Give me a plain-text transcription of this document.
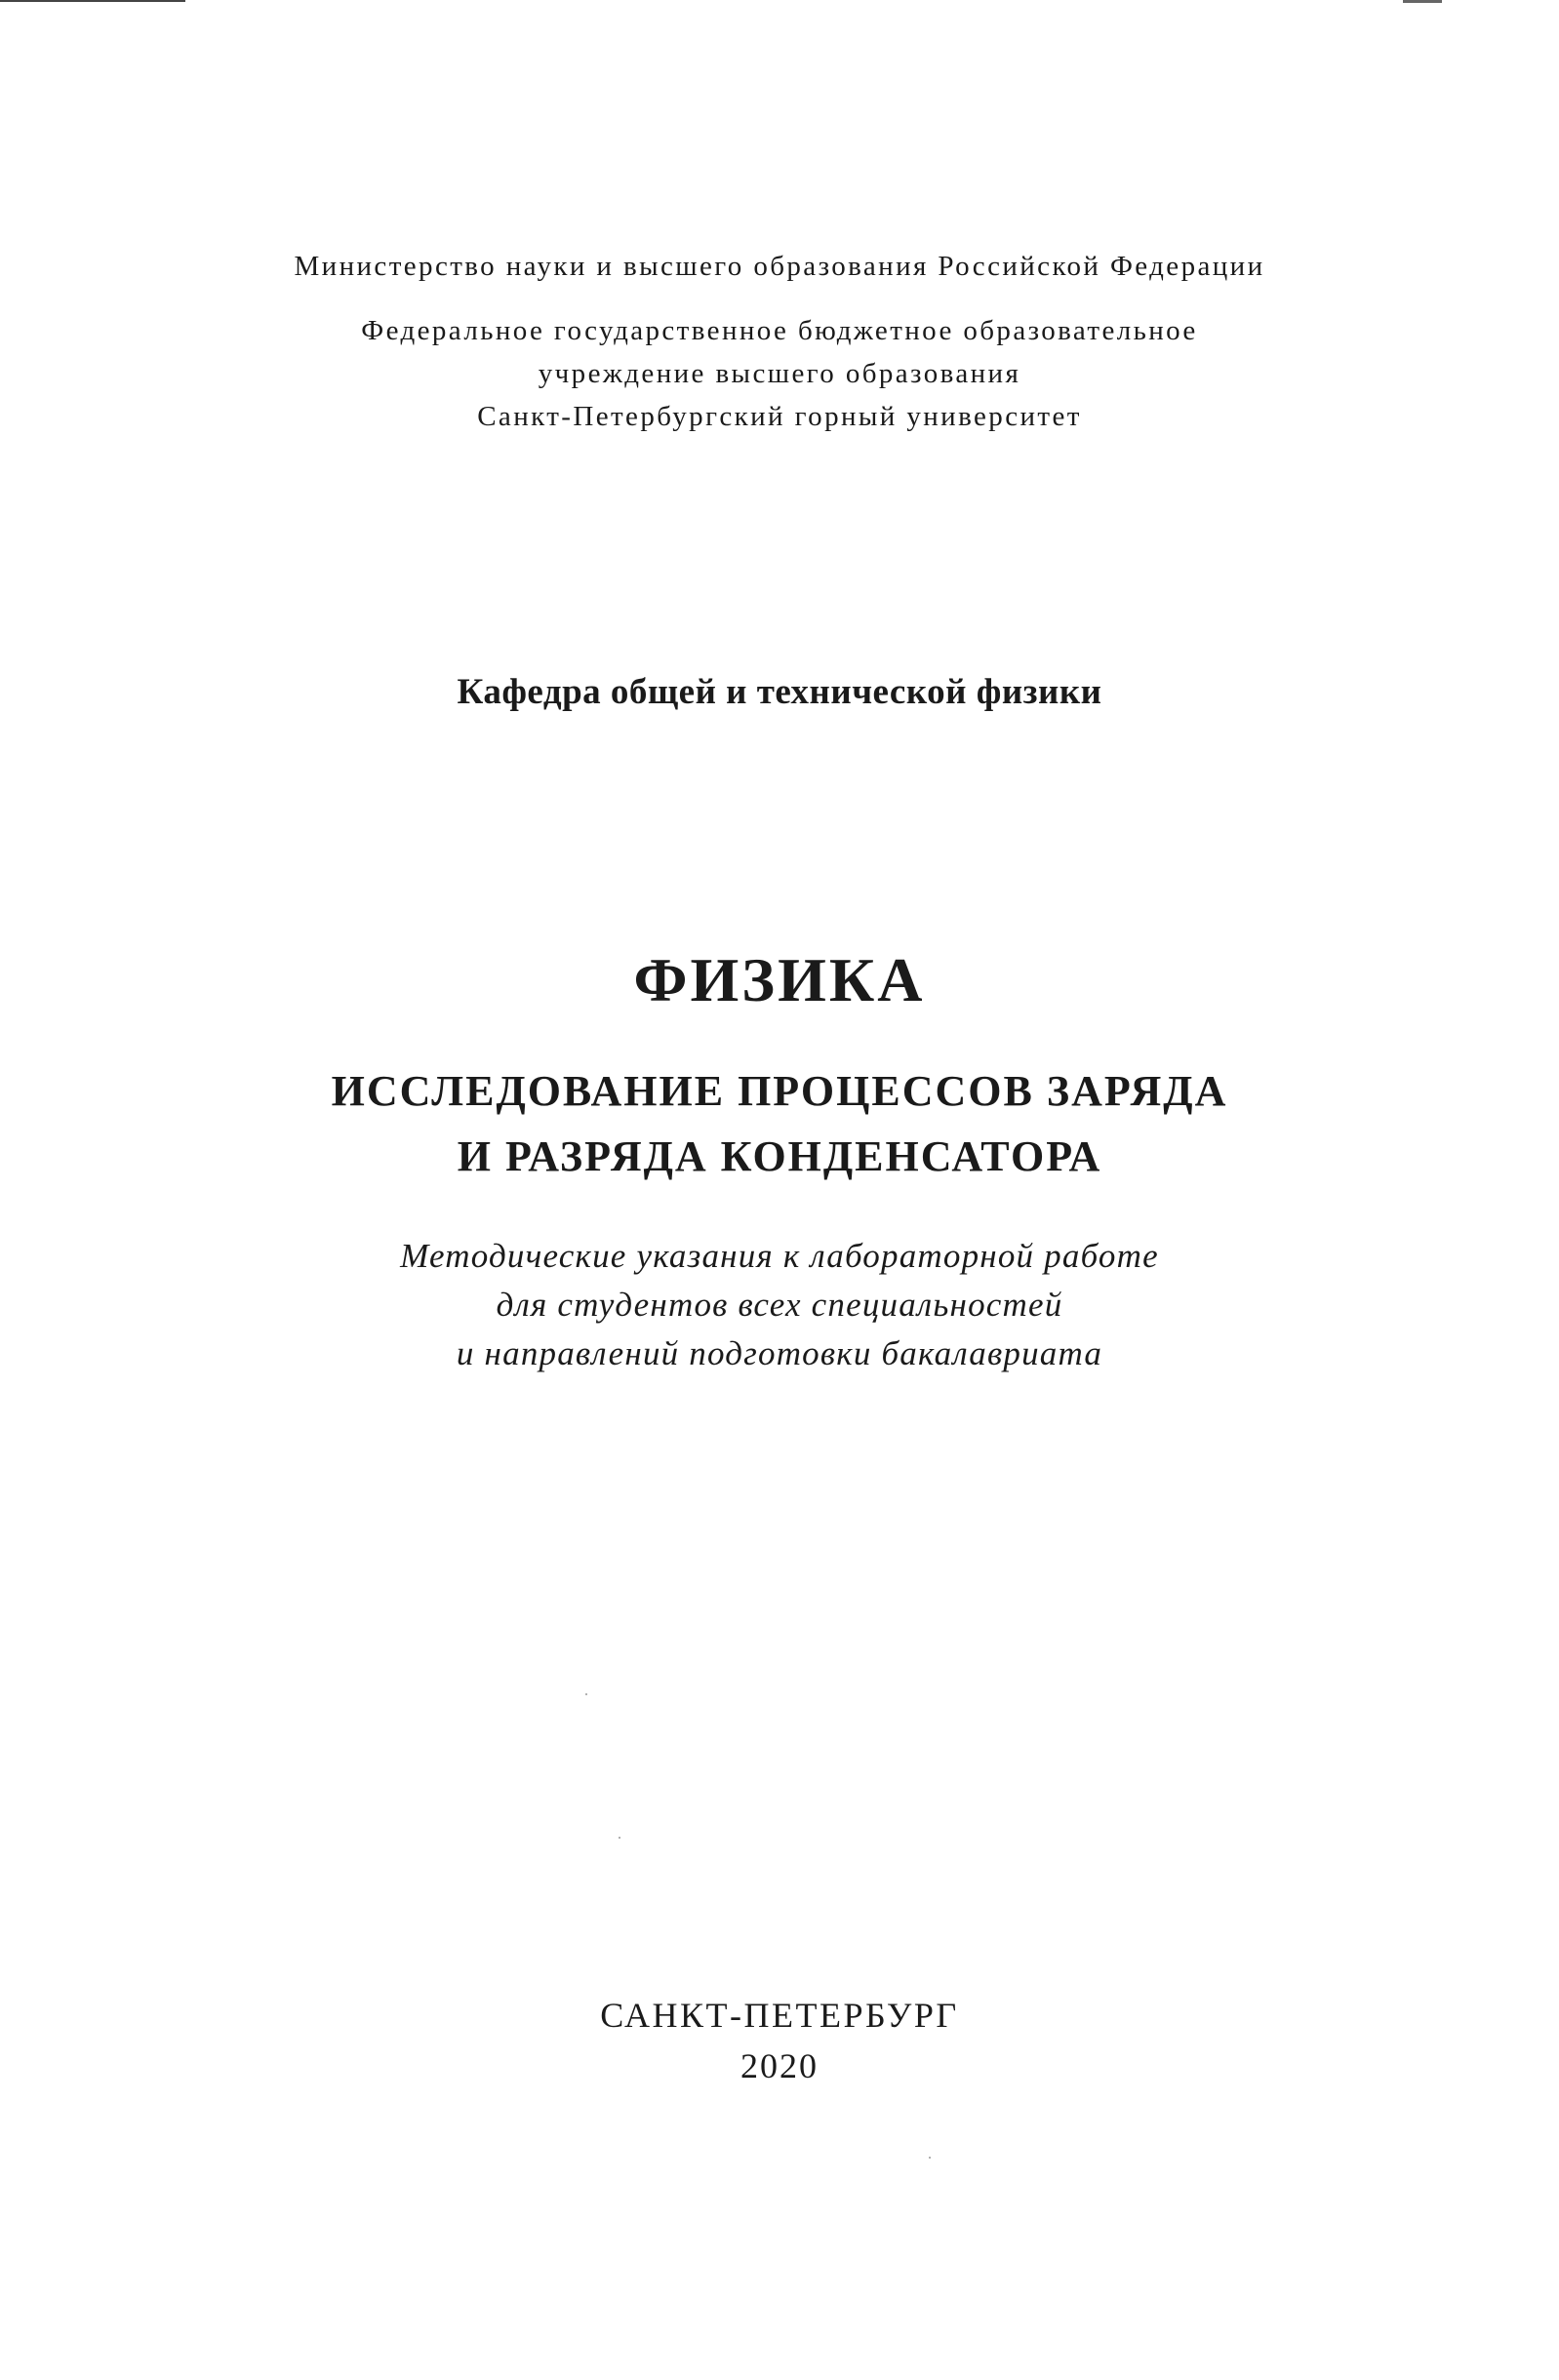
Министерство науки и высшего образования Российской Федерации
Федеральное государственное бюджетное образовательное
учреждение высшего образования
Санкт-Петербургский горный университет
Кафедра общей и технической физики
ФИЗИКА
ИССЛЕДОВАНИЕ ПРОЦЕССОВ ЗАРЯДА
И РАЗРЯДА КОНДЕНСАТОРА
Методические указания к лабораторной работе
для студентов всех специальностей
и направлений подготовки бакалавриата
САНКТ-ПЕТЕРБУРГ
2020
